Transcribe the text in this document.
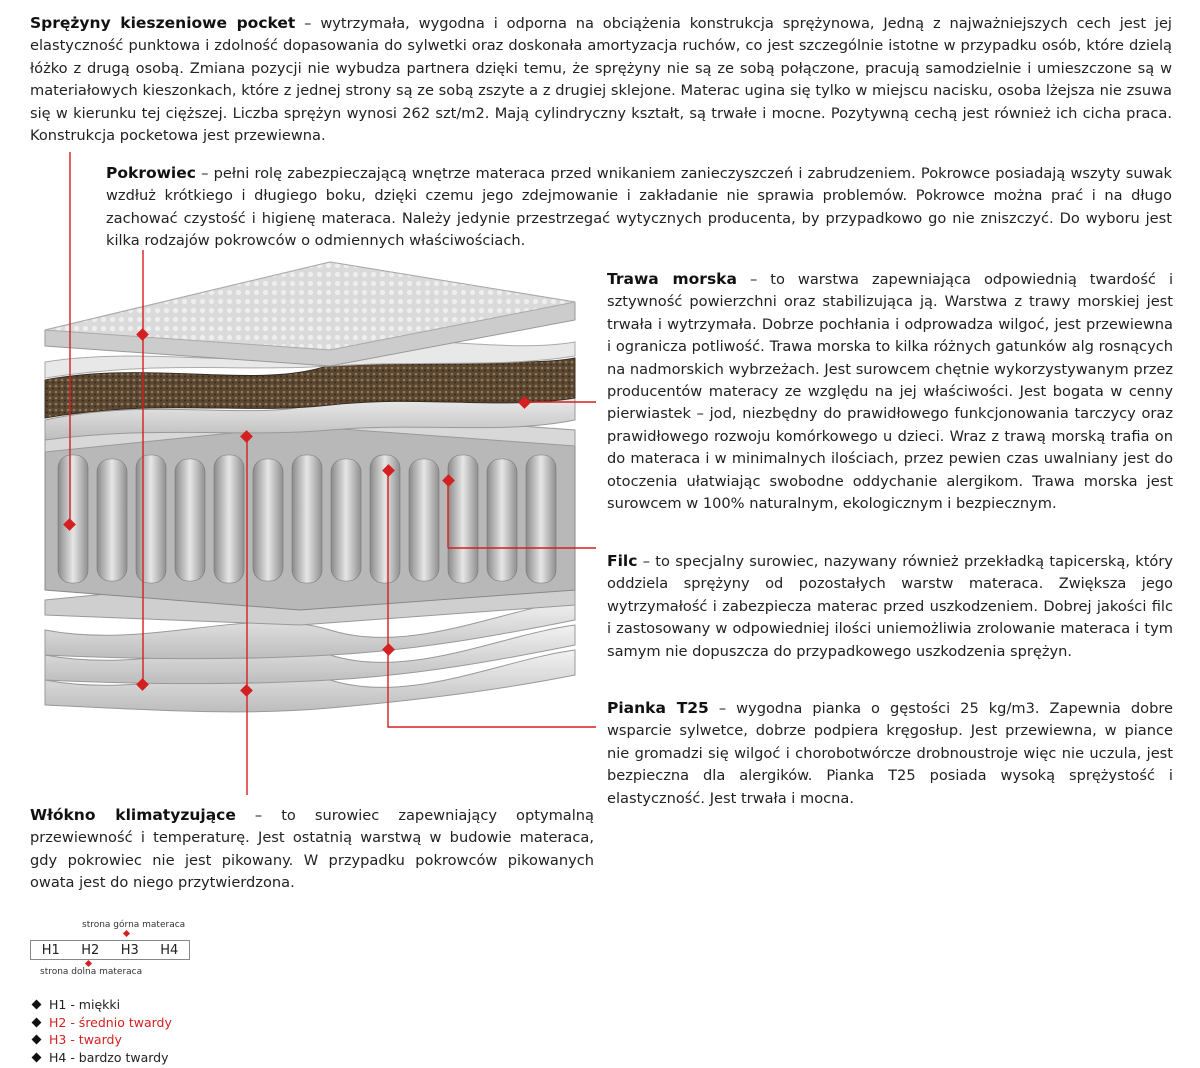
Sprężyny kieszeniowe pocket – wytrzymała, wygodna i odporna na obciążenia konstrukcja sprężynowa, Jedną z najważniejszych cech jest jej elastyczność punktowa i zdolność dopasowania do sylwetki oraz doskonała amortyzacja ruchów, co jest szczególnie istotne w przypadku osób, które dzielą łóżko z drugą osobą. Zmiana pozycji nie wybudza partnera dzięki temu, że sprężyny nie są ze sobą połączone, pracują samodzielnie i umieszczone są w materiałowych kieszonkach, które z jednej strony są ze sobą zszyte a z drugiej sklejone. Materac ugina się tylko w miejscu nacisku, osoba lżejsza nie zsuwa się w kierunku tej cięższej. Liczba sprężyn wynosi 262 szt/m2. Mają cylindryczny kształt, są trwałe i mocne. Pozytywną cechą jest również ich cicha praca. Konstrukcja pocketowa jest przewiewna.

Pokrowiec – pełni rolę zabezpieczającą wnętrze materaca przed wnikaniem zanieczyszczeń i zabrudzeniem. Pokrowce posiadają wszyty suwak wzdłuż krótkiego i długiego boku, dzięki czemu jego zdejmowanie i zakładanie nie sprawia problemów. Pokrowce można prać i na długo zachować czystość i higienę materaca. Należy jedynie przestrzegać wytycznych producenta, by przypadkowo go nie zniszczyć. Do wyboru jest kilka rodzajów pokrowców o odmiennych właściwościach.

Trawa morska – to warstwa zapewniająca odpowiednią twardość i sztywność powierzchni oraz stabilizująca ją. Warstwa z trawy morskiej jest trwała i wytrzymała. Dobrze pochłania i odprowadza wilgoć, jest przewiewna i ogranicza potliwość. Trawa morska to kilka różnych gatunków alg rosnących na nadmorskich wybrzeżach. Jest surowcem chętnie wykorzystywanym przez producentów materacy ze względu na jej właściwości. Jest bogata w cenny pierwiastek – jod, niezbędny do prawidłowego funkcjonowania tarczycy oraz prawidłowego rozwoju komórkowego u dzieci. Wraz z trawą morską trafia on do materaca i w minimalnych ilościach, przez pewien czas uwalniany jest do otoczenia ułatwiając swobodne oddychanie alergikom. Trawa morska jest surowcem w 100% naturalnym, ekologicznym i bezpiecznym.

Filc – to specjalny surowiec, nazywany również przekładką tapicerską, który oddziela sprężyny od pozostałych warstw materaca. Zwiększa jego wytrzymałość i zabezpiecza materac przed uszkodzeniem. Dobrej jakości filc i zastosowany w odpowiedniej ilości uniemożliwia zrolowanie materaca i tym samym nie dopuszcza do przypadkowego uszkodzenia sprężyn.

Pianka T25 – wygodna pianka o gęstości 25 kg/m3. Zapewnia dobre wsparcie sylwetce, dobrze podpiera kręgosłup. Jest przewiewna, w piance nie gromadzi się wilgoć i chorobotwórcze drobnoustroje więc nie uczula, jest bezpieczna dla alergików. Pianka T25 posiada wysoką sprężystość i elastyczność. Jest trwała i mocna.

Włókno klimatyzujące – to surowiec zapewniający optymalną przewiewność i temperaturę. Jest ostatnią warstwą w budowie materaca, gdy pokrowiec nie jest pikowany. W przypadku pokrowców pikowanych owata jest do niego przytwierdzona.

strona górna materaca
H1 H2 H3 H4
strona dolna materaca
H1 - miękki
H2 - średnio twardy
H3 - twardy
H4 - bardzo twardy
